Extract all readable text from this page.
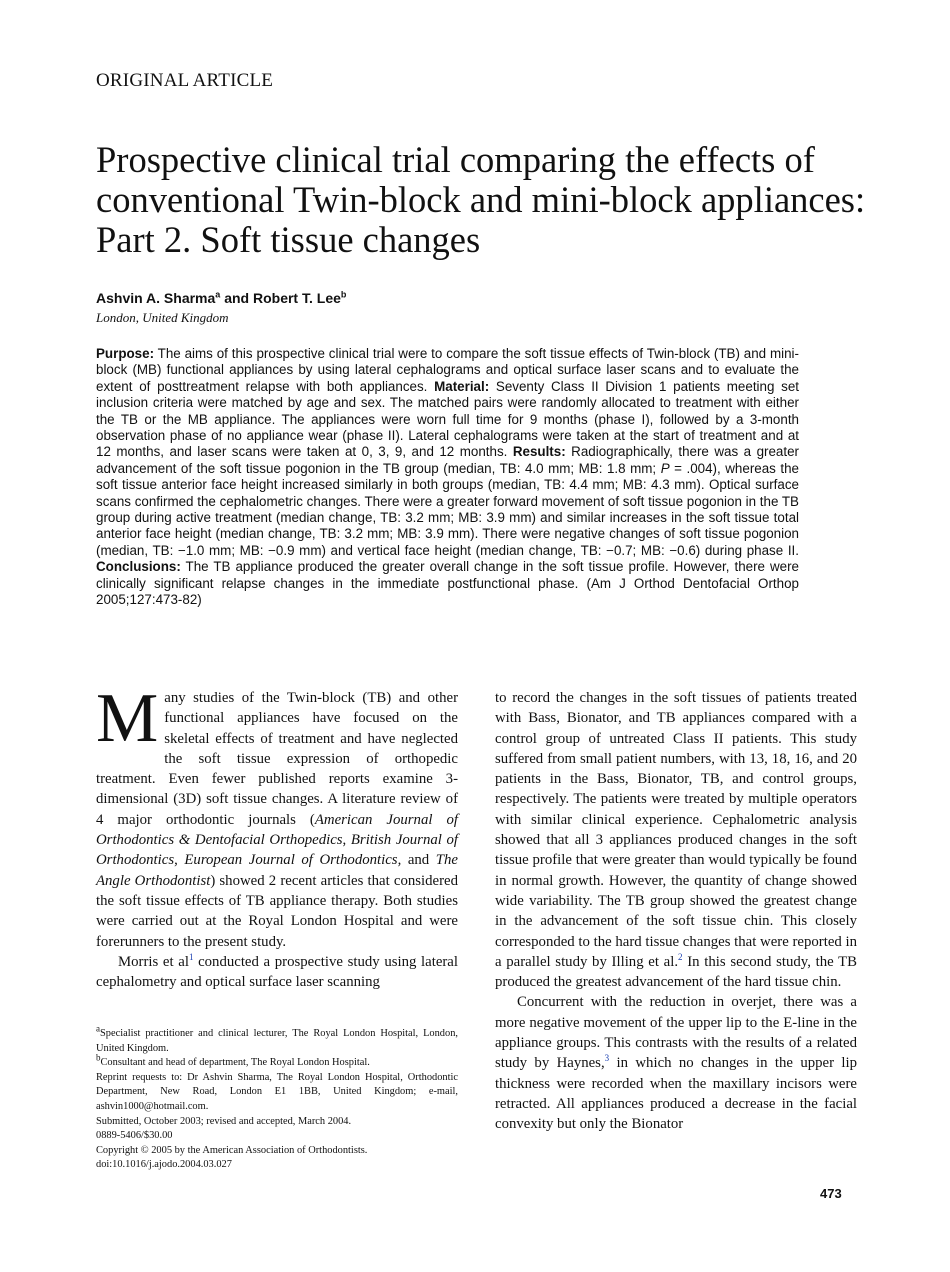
ORIGINAL ARTICLE
Prospective clinical trial comparing the effects of conventional Twin-block and mini-block appliances: Part 2. Soft tissue changes
Ashvin A. Sharma$^a$ and Robert T. Lee$^b$
London, United Kingdom

Purpose: The aims of this prospective clinical trial were to compare the soft tissue effects of Twin-block (TB) and mini-block (MB) functional appliances by using lateral cephalograms and optical surface laser scans and to evaluate the extent of posttreatment relapse with both appliances. Material: Seventy Class II Division 1 patients meeting set inclusion criteria were matched by age and sex. The matched pairs were randomly allocated to treatment with either the TB or the MB appliance. The appliances were worn full time for 9 months (phase I), followed by a 3-month observation phase of no appliance wear (phase II). Lateral cephalograms were taken at the start of treatment and at 12 months, and laser scans were taken at 0, 3, 9, and 12 months. Results: Radiographically, there was a greater advancement of the soft tissue pogonion in the TB group (median, TB: 4.0 mm; MB: 1.8 mm; P = .004), whereas the soft tissue anterior face height increased similarly in both groups (median, TB: 4.4 mm; MB: 4.3 mm). Optical surface scans confirmed the cephalometric changes. There were a greater forward movement of soft tissue pogonion in the TB group during active treatment (median change, TB: 3.2 mm; MB: 3.9 mm) and similar increases in the soft tissue total anterior face height (median change, TB: 3.2 mm; MB: 3.9 mm). There were negative changes of soft tissue pogonion (median, TB: −1.0 mm; MB: −0.9 mm) and vertical face height (median change, TB: −0.7; MB: −0.6) during phase II. Conclusions: The TB appliance produced the greater overall change in the soft tissue profile. However, there were clinically significant relapse changes in the immediate postfunctional phase. (Am J Orthod Dentofacial Orthop 2005;127:473-82)

Many studies of the Twin-block (TB) and other functional appliances have focused on the skeletal effects of treatment and have neglected the soft tissue expression of orthopedic treatment. Even fewer published reports examine 3-dimensional (3D) soft tissue changes. A literature review of 4 major orthodontic journals (American Journal of Orthodontics & Dentofacial Orthopedics, British Journal of Orthodontics, European Journal of Orthodontics, and The Angle Orthodontist) showed 2 recent articles that considered the soft tissue effects of TB appliance therapy. Both studies were carried out at the Royal London Hospital and were forerunners to the present study.

Morris et al$^1$ conducted a prospective study using lateral cephalometry and optical surface laser scanning

to record the changes in the soft tissues of patients treated with Bass, Bionator, and TB appliances compared with a control group of untreated Class II patients. This study suffered from small patient numbers, with 13, 18, 16, and 20 patients in the Bass, Bionator, TB, and control groups, respectively. The patients were treated by multiple operators with similar clinical experience. Cephalometric analysis showed that all 3 appliances produced changes in the soft tissue profile that were greater than would typically be found in normal growth. However, the quantity of change showed wide variability. The TB group showed the greatest change in the advancement of the soft tissue chin. This closely corresponded to the hard tissue changes that were reported in a parallel study by Illing et al.$^2$ In this second study, the TB produced the greatest advancement of the hard tissue chin.

Concurrent with the reduction in overjet, there was a more negative movement of the upper lip to the E-line in the appliance groups. This contrasts with the results of a related study by Haynes,$^3$ in which no changes in the upper lip thickness were recorded when the maxillary incisors were retracted. All appliances produced a decrease in the facial convexity but only the Bionator

$^a$Specialist practitioner and clinical lecturer, The Royal London Hospital, London, United Kingdom.
$^b$Consultant and head of department, The Royal London Hospital.
Reprint requests to: Dr Ashvin Sharma, The Royal London Hospital, Orthodontic Department, New Road, London E1 1BB, United Kingdom; e-mail, ashvin1000@hotmail.com.
Submitted, October 2003; revised and accepted, March 2004.
0889-5406/$30.00
Copyright © 2005 by the American Association of Orthodontists.
doi:10.1016/j.ajodo.2004.03.027
473
